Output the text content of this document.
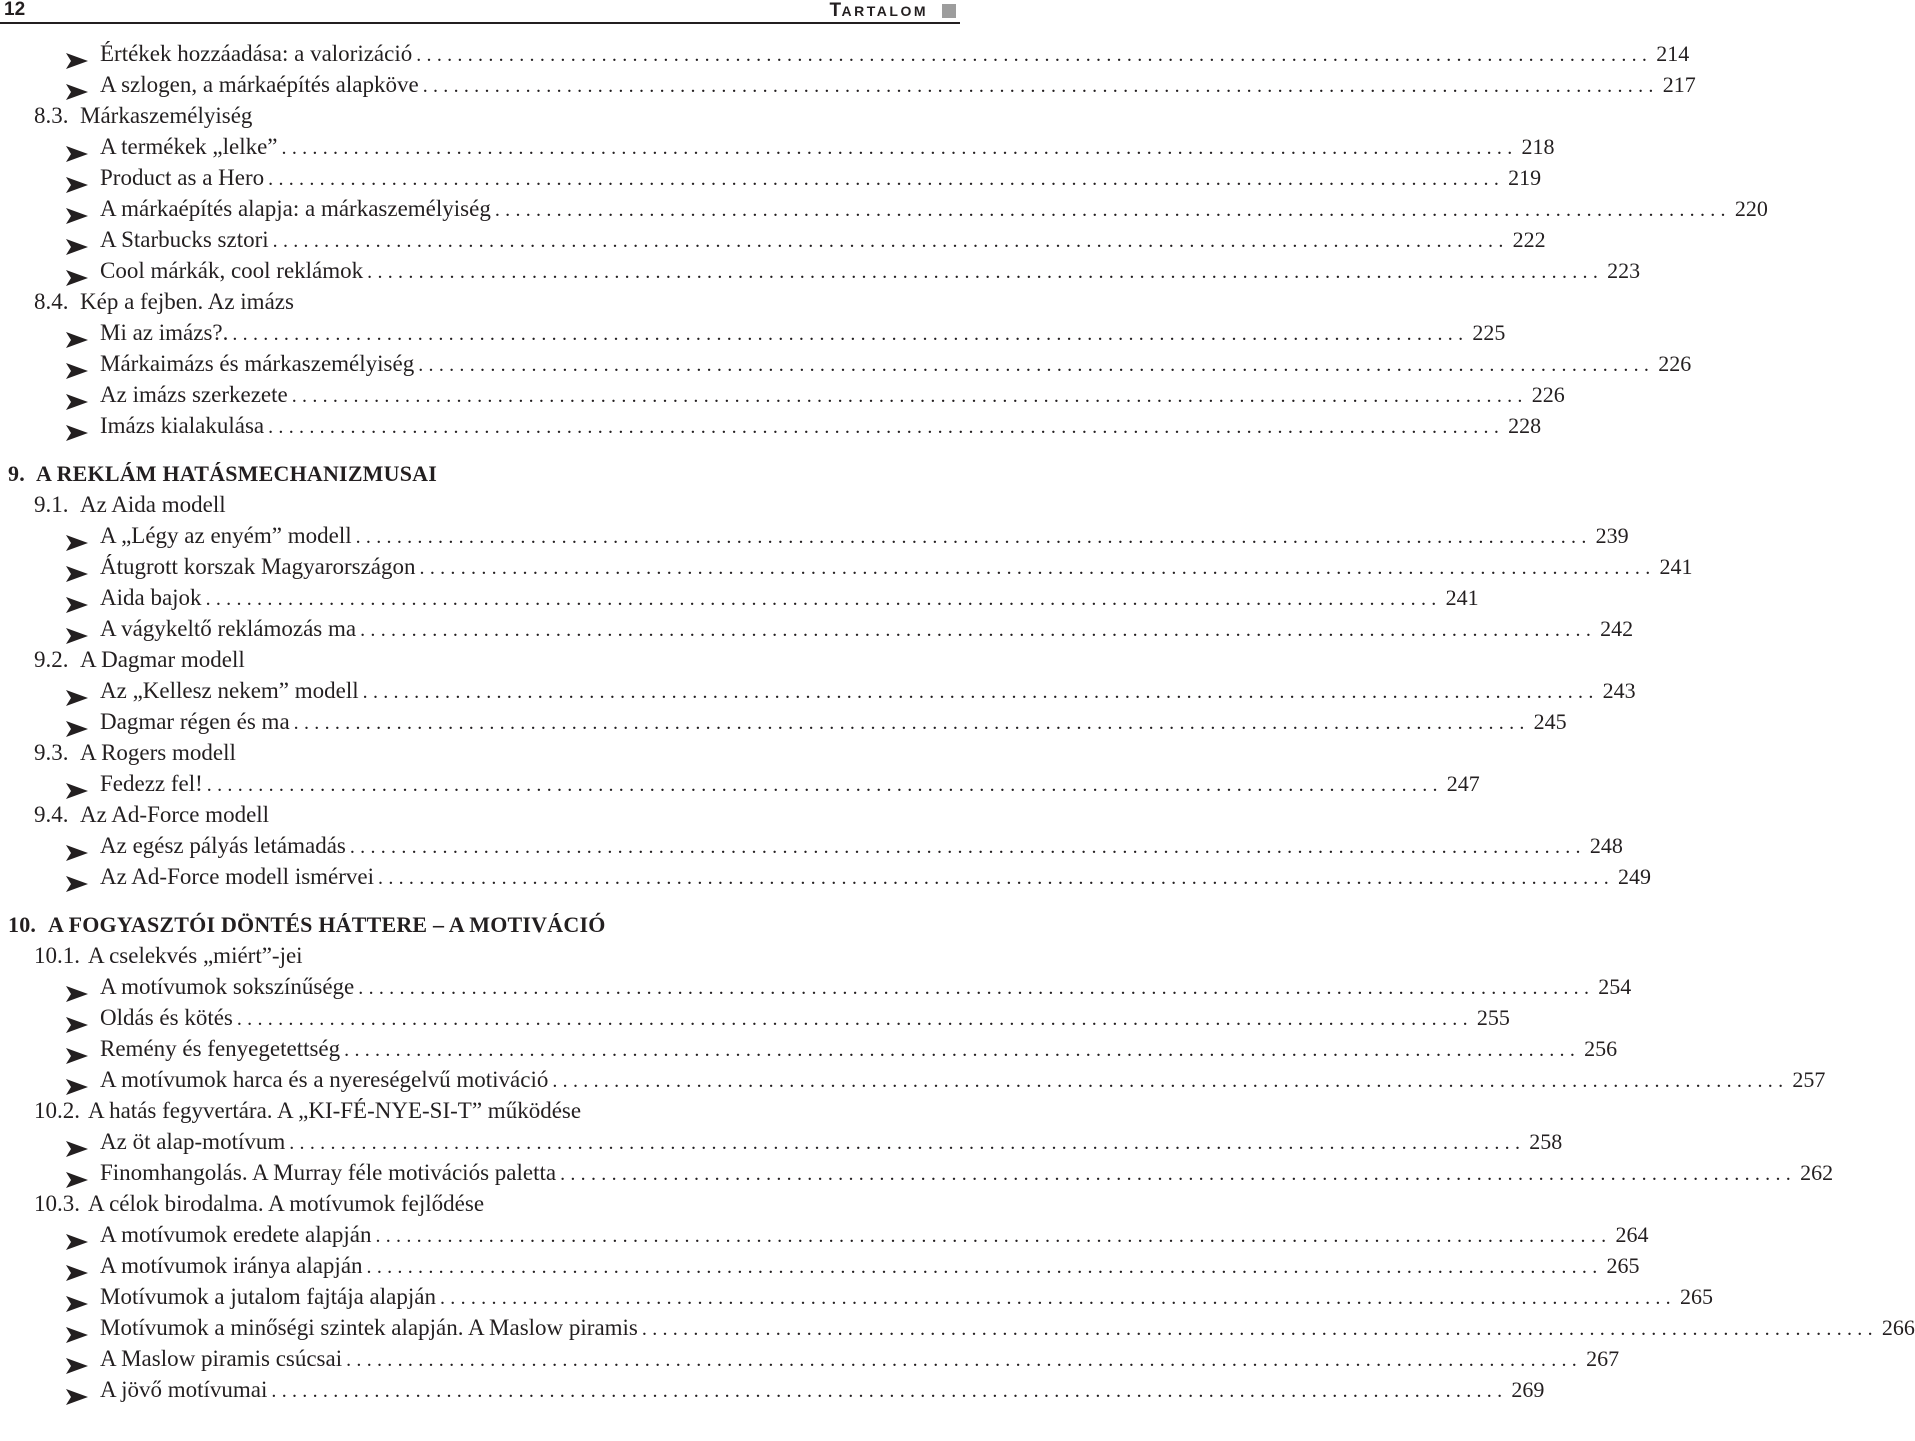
12	TARTALOM
Értékek hozzáadása: a valorizáció ........................................................................................................................ 214
A szlogen, a márkaépítés alapköve ........................................................................................................................ 217
8.3. Márkaszemélyiség
A termékek „lelke” ........................................................................................................................ 218
Product as a Hero ........................................................................................................................ 219
A márkaépítés alapja: a márkaszemélyiség ........................................................................................................................ 220
A Starbucks sztori ........................................................................................................................ 222
Cool márkák, cool reklámok ........................................................................................................................ 223
8.4. Kép a fejben. Az imázs
Mi az imázs?. ........................................................................................................................ 225
Márkaimázs és márkaszemélyiség ........................................................................................................................ 226
Az imázs szerkezete ........................................................................................................................ 226
Imázs kialakulása ........................................................................................................................ 228
9. A REKLÁM HATÁSMECHANIZMUSAI
9.1. Az Aida modell
A „Légy az enyém” modell ........................................................................................................................ 239
Átugrott korszak Magyarországon ........................................................................................................................ 241
Aida bajok ........................................................................................................................ 241
A vágykeltő reklámozás ma ........................................................................................................................ 242
9.2. A Dagmar modell
Az „Kellesz nekem” modell ........................................................................................................................ 243
Dagmar régen és ma ........................................................................................................................ 245
9.3. A Rogers modell
Fedezz fel! ........................................................................................................................ 247
9.4. Az Ad-Force modell
Az egész pályás letámadás ........................................................................................................................ 248
Az Ad-Force modell ismérvei ........................................................................................................................ 249
10. A FOGYASZTÓI DÖNTÉS HÁTTERE – A MOTIVÁCIÓ
10.1. A cselekvés „miért”-jei
A motívumok sokszínűsége ........................................................................................................................ 254
Oldás és kötés ........................................................................................................................ 255
Remény és fenyegetettség ........................................................................................................................ 256
A motívumok harca és a nyereségelvű motiváció ........................................................................................................................ 257
10.2. A hatás fegyvertára. A „KI-FÉ-NYE-SI-T” működése
Az öt alap-motívum ........................................................................................................................ 258
Finomhangolás. A Murray féle motivációs paletta ........................................................................................................................ 262
10.3. A célok birodalma. A motívumok fejlődése
A motívumok eredete alapján ........................................................................................................................ 264
A motívumok iránya alapján ........................................................................................................................ 265
Motívumok a jutalom fajtája alapján ........................................................................................................................ 265
Motívumok a minőségi szintek alapján. A Maslow piramis ........................................................................................................................ 266
A Maslow piramis csúcsai ........................................................................................................................ 267
A jövő motívumai ........................................................................................................................ 269
